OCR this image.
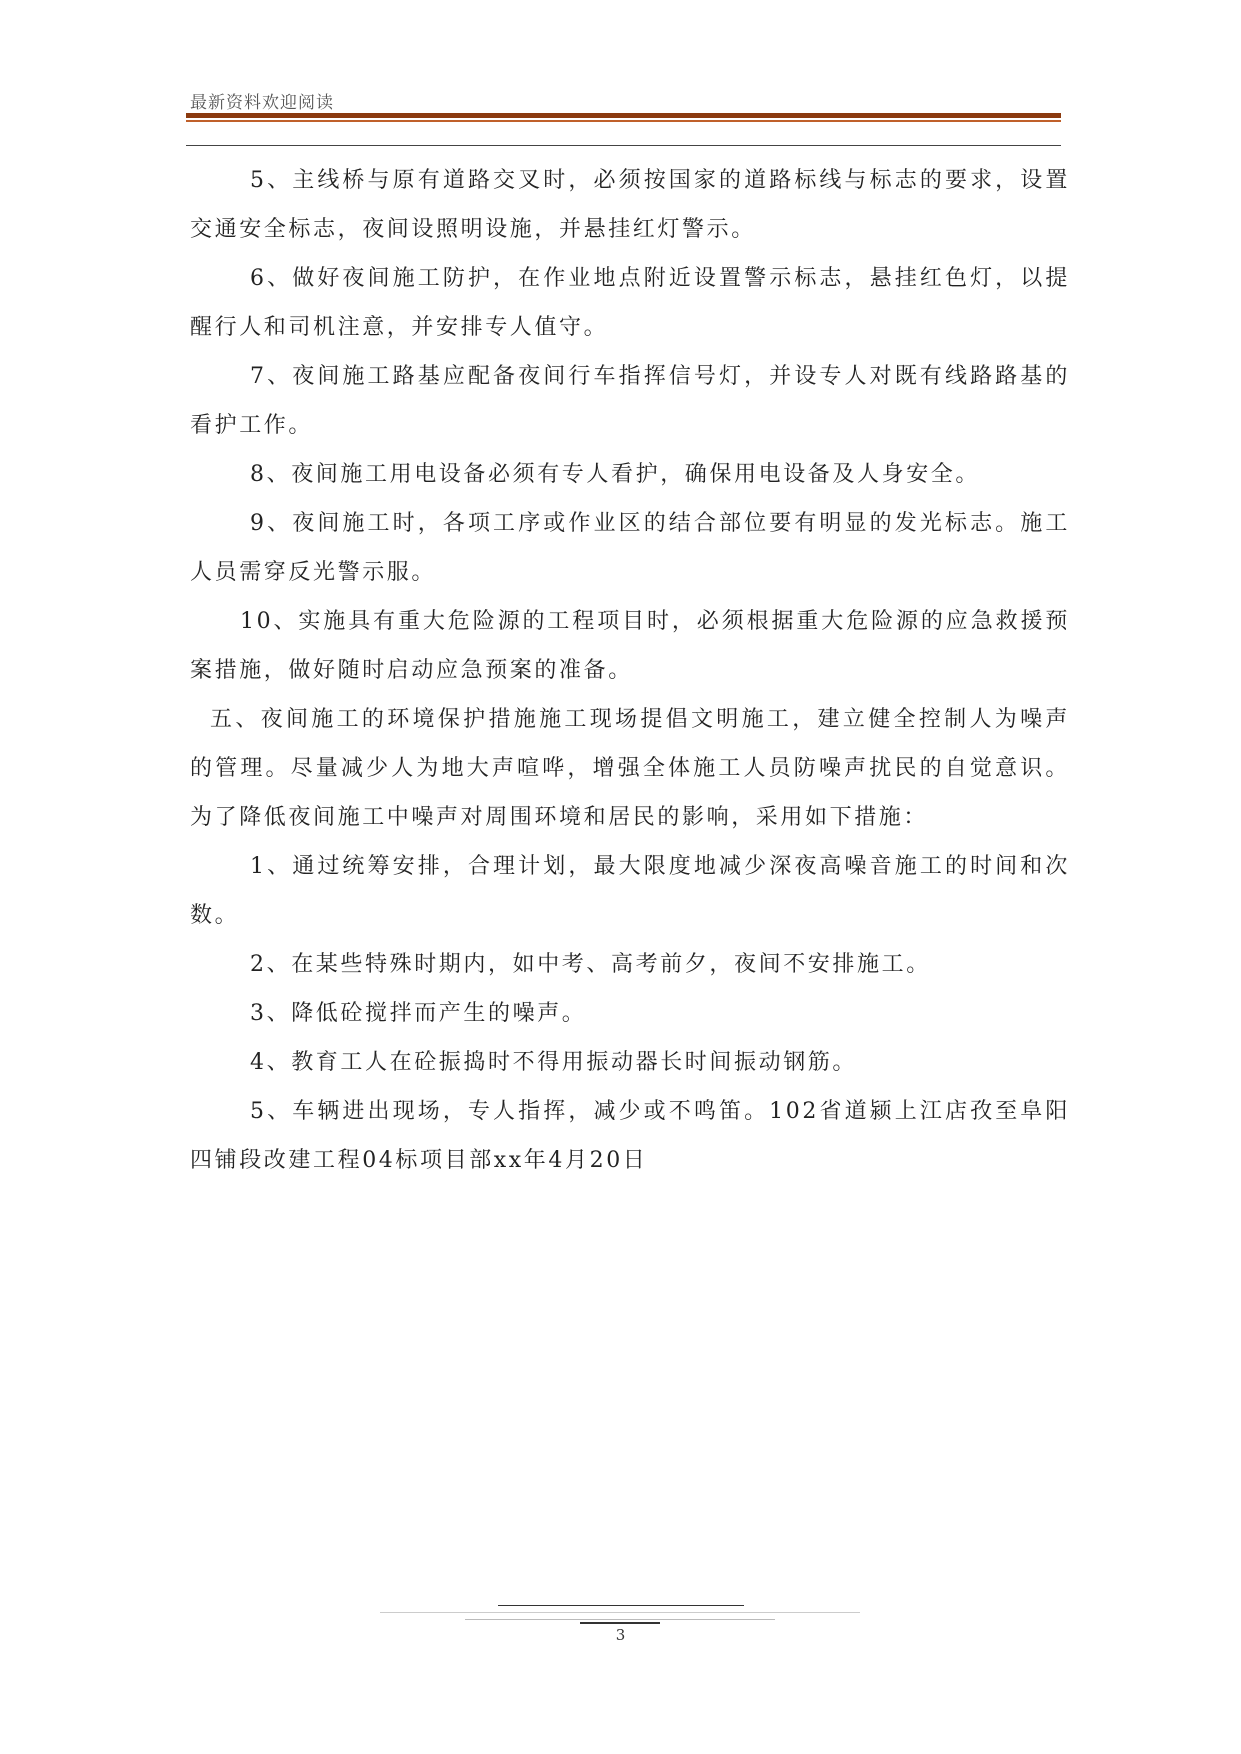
最新资料欢迎阅读

5、主线桥与原有道路交叉时，必须按国家的道路标线与标志的要求，设置交通安全标志，夜间设照明设施，并悬挂红灯警示。

6、做好夜间施工防护，在作业地点附近设置警示标志，悬挂红色灯，以提醒行人和司机注意，并安排专人值守。

7、夜间施工路基应配备夜间行车指挥信号灯，并设专人对既有线路路基的看护工作。

8、夜间施工用电设备必须有专人看护，确保用电设备及人身安全。

9、夜间施工时，各项工序或作业区的结合部位要有明显的发光标志。施工人员需穿反光警示服。

10、实施具有重大危险源的工程项目时，必须根据重大危险源的应急救援预案措施，做好随时启动应急预案的准备。

五、夜间施工的环境保护措施施工现场提倡文明施工，建立健全控制人为噪声的管理。尽量减少人为地大声喧哗，增强全体施工人员防噪声扰民的自觉意识。为了降低夜间施工中噪声对周围环境和居民的影响，采用如下措施：

1、通过统筹安排，合理计划，最大限度地减少深夜高噪音施工的时间和次数。

2、在某些特殊时期内，如中考、高考前夕，夜间不安排施工。

3、降低砼搅拌而产生的噪声。

4、教育工人在砼振捣时不得用振动器长时间振动钢筋。

5、车辆进出现场，专人指挥，减少或不鸣笛。102省道颍上江店孜至阜阳四铺段改建工程04标项目部xx年4月20日

3
